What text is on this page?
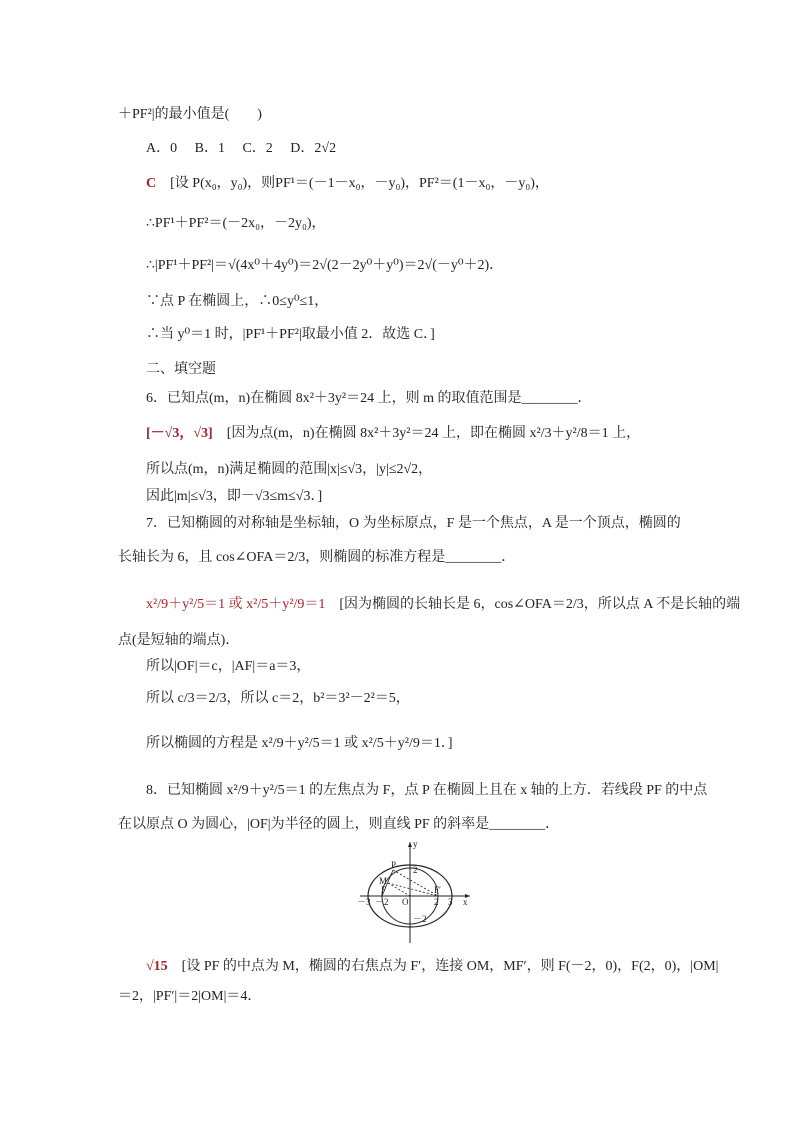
＋PF²|的最小值是(　　)
A．0　 B．1　 C．2　 D．2√2
C　[设 P(x₀，y₀)，则PF¹＝(－1－x₀，－y₀)，PF²＝(1－x₀，－y₀)，
∴PF¹＋PF²＝(－2x₀，－2y₀)，
∴|PF¹＋PF²|＝√(4x⁰＋4y⁰)＝2√(2－2y⁰＋y⁰)＝2√(－y⁰＋2)．
∵点 P 在椭圆上，∴0≤y⁰≤1，
∴当 y⁰＝1 时，|PF¹＋PF²|取最小值 2．故选 C．]
二、填空题
6．已知点(m，n)在椭圆 8x²＋3y²＝24 上，则 m 的取值范围是________．
[－√3，√3]　[因为点(m，n)在椭圆 8x²＋3y²＝24 上，即在椭圆 x²/3＋y²/8＝1 上，
所以点(m，n)满足椭圆的范围|x|≤√3，|y|≤2√2，
因此|m|≤√3，即－√3≤m≤√3．]
7．已知椭圆的对称轴是坐标轴，O 为坐标原点，F 是一个焦点，A 是一个顶点，椭圆的
长轴长为 6，且 cos∠OFA＝2/3，则椭圆的标准方程是________．
x²/9＋y²/5＝1 或 x²/5＋y²/9＝1　[因为椭圆的长轴长是 6，cos∠OFA＝2/3，所以点 A 不是长轴的端
点(是短轴的端点)．
所以|OF|＝c，|AF|＝a＝3，
所以 c/3＝2/3，所以 c＝2，b²＝3²－2²＝5，
所以椭圆的方程是 x²/9＋y²/5＝1 或 x²/5＋y²/9＝1．]
8．已知椭圆 x²/9＋y²/5＝1 的左焦点为 F，点 P 在椭圆上且在 x 轴的上方．若线段 PF 的中点
在以原点 O 为圆心，|OF|为半径的圆上，则直线 PF 的斜率是________．
√15　[设 PF 的中点为 M，椭圆的右焦点为 F′，连接 OM，MF′，则 F(－2，0)，F(2，0)，|OM|
＝2，|PF′|＝2|OM|＝4．
y
x
P
M
F	F′
O
－3 －2	2 3
2
－2
